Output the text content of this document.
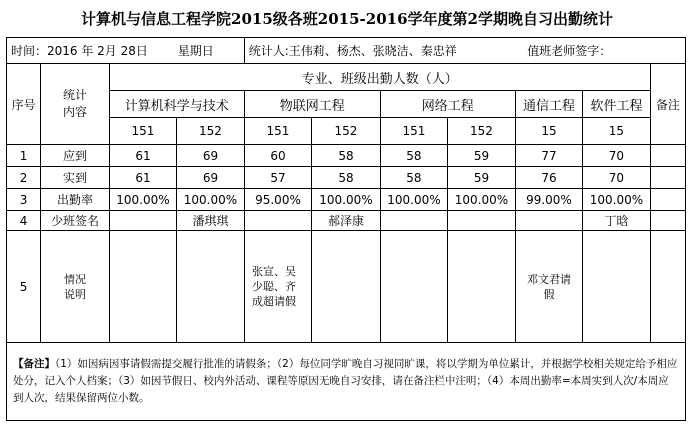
计算机与信息工程学院2015级各班2015-2016学年度第2学期晚自习出勤统计
时间：2016 年 2月 28日 星期日				统计人:王伟莉、杨杰、张晓洁、秦忠祥				值班老师签字：		
序号	统计内容	专业、班级出勤人数（人）								备注
		计算机科学与技术		物联网工程		网络工程		通信工程	软件工程	
		151	152	151	152	151	152	15	15	
1	应到	61	69	60	58	58	59	77	70	
2	实到	61	69	57	58	58	59	76	70	
3	出勤率	100.00%	100.00%	95.00%	100.00%	100.00%	100.00%	99.00%	100.00%	
4	少班签名		潘琪琪		郝泽康				丁晗	
5	情况说明			张宣、吴少聪、齐成超请假				邓文君请假		
【备注】（1）如因病因事请假需提交履行批准的请假条；（2）每位同学旷晚自习视同旷课，将以学期为单位累计，并根据学校相关规定给予相应处分，记入个人档案；（3）如因节假日、校内外活动、课程等原因无晚自习安排，请在备注栏中注明；（4）本周出勤率=本周实到人次/本周应到人次，结果保留两位小数。										
